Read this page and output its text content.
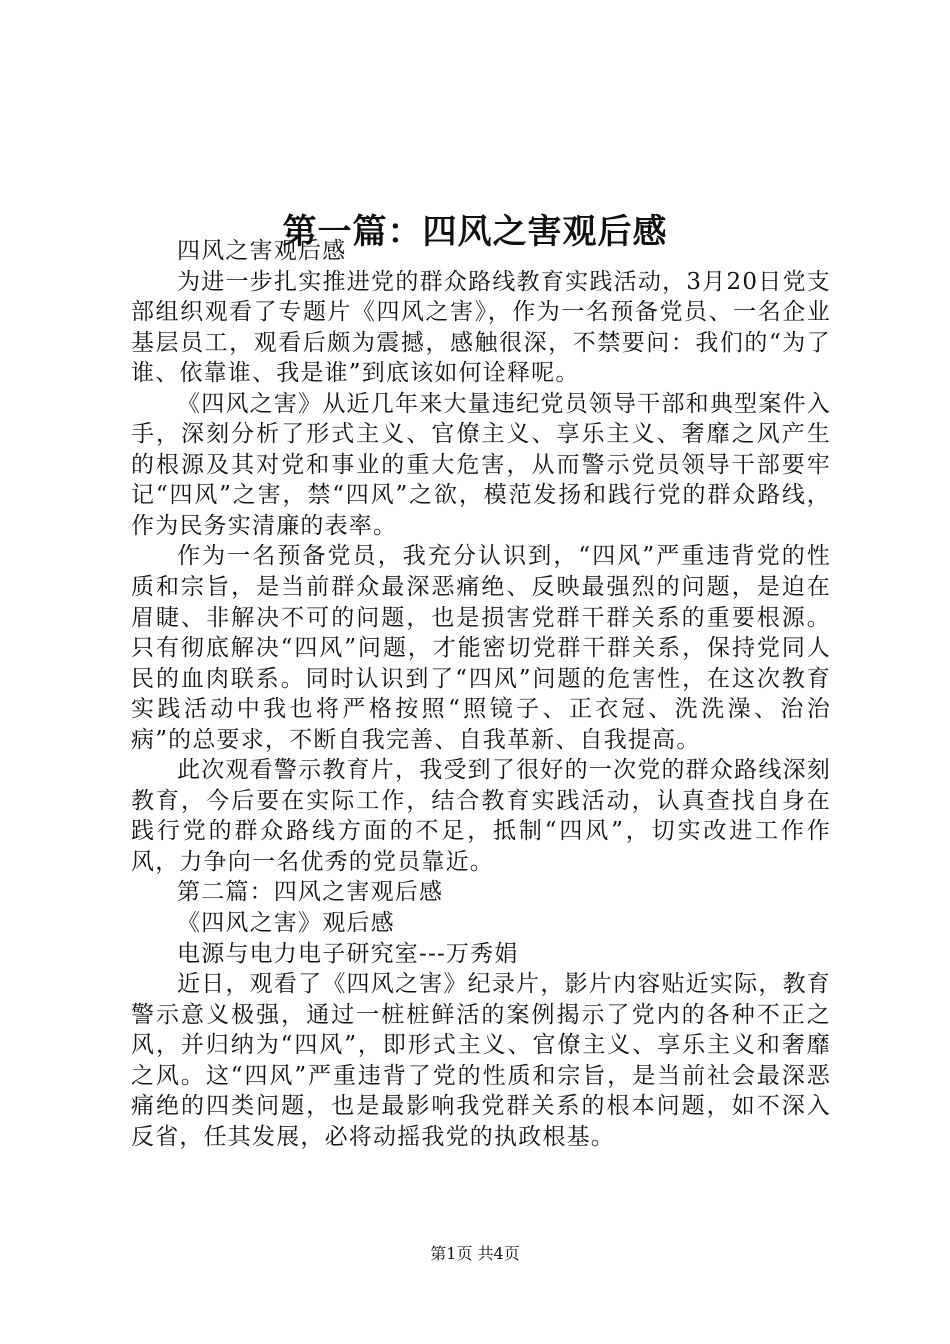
第一篇：四风之害观后感

四风之害观后感

为进一步扎实推进党的群众路线教育实践活动，3月20日党支部组织观看了专题片《四风之害》，作为一名预备党员、一名企业基层员工，观看后颇为震撼，感触很深，不禁要问：我们的“为了谁、依靠谁、我是谁”到底该如何诠释呢。

《四风之害》从近几年来大量违纪党员领导干部和典型案件入手，深刻分析了形式主义、官僚主义、享乐主义、奢靡之风产生的根源及其对党和事业的重大危害，从而警示党员领导干部要牢记“四风”之害，禁“四风”之欲，模范发扬和践行党的群众路线，作为民务实清廉的表率。

作为一名预备党员，我充分认识到，“四风”严重违背党的性质和宗旨，是当前群众最深恶痛绝、反映最强烈的问题，是迫在眉睫、非解决不可的问题，也是损害党群干群关系的重要根源。只有彻底解决“四风”问题，才能密切党群干群关系，保持党同人民的血肉联系。同时认识到了“四风”问题的危害性，在这次教育实践活动中我也将严格按照“照镜子、正衣冠、洗洗澡、治治病”的总要求，不断自我完善、自我革新、自我提高。

此次观看警示教育片，我受到了很好的一次党的群众路线深刻教育，今后要在实际工作，结合教育实践活动，认真查找自身在践行党的群众路线方面的不足，抵制“四风”，切实改进工作作风，力争向一名优秀的党员靠近。

第二篇：四风之害观后感

《四风之害》观后感

电源与电力电子研究室---万秀娟

近日，观看了《四风之害》纪录片，影片内容贴近实际，教育警示意义极强，通过一桩桩鲜活的案例揭示了党内的各种不正之风，并归纳为“四风”，即形式主义、官僚主义、享乐主义和奢靡之风。这“四风”严重违背了党的性质和宗旨，是当前社会最深恶痛绝的四类问题，也是最影响我党群关系的根本问题，如不深入反省，任其发展，必将动摇我党的执政根基。

第1页 共4页
